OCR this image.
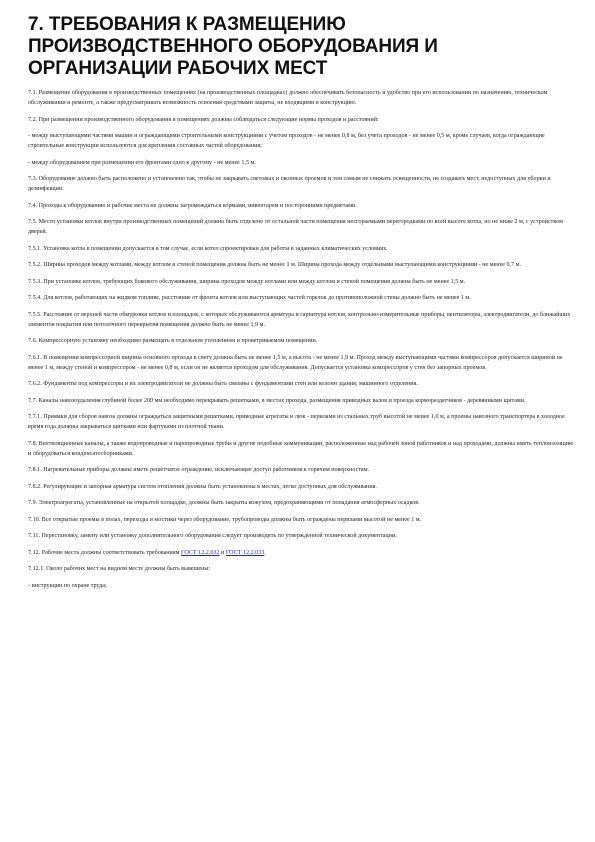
7. ТРЕБОВАНИЯ К РАЗМЕЩЕНИЮ ПРОИЗВОДСТВЕННОГО ОБОРУДОВАНИЯ И ОРГАНИЗАЦИИ РАБОЧИХ МЕСТ

7.1. Размещение оборудования в производственных помещениях (на производственных площадках) должно обеспечивать безопасность и удобство при его использовании по назначению, техническом обслуживании и ремонте, а также предусматривать возможность освоения средствами защиты, не входящими в конструкцию.

7.2. При размещении производственного оборудования в помещениях должны соблюдаться следующие нормы проходов и расстояний:

- между выступающими частями машин и ограждающими строительными конструкциями с учетом проходов - не менее 0,8 м, без учета проходов - не менее 0,5 м, кроме случаев, когда ограждающие строительные конструкции используются для крепления составных частей оборудования;

- между оборудованием при размещении его фронтами одно к другому - не менее 1,5 м.

7.3. Оборудование должно быть расположено и установлено так, чтобы не закрывать световых и оконных проемов и тем самым не снижать освещенности, не создавать мест, недоступных для уборки и дезинфекции.

7.4. Проходы к оборудованию и рабочие места не должны загромождаться кормами, инвентарем и посторонними предметами.

7.5. Место установки котлов внутри производственных помещений должно быть отделено от остальной части помещения несгораемыми перегородками по всей высоте котла, но не ниже 2 м, с устройством дверей.

7.5.1. Установка котла в помещении допускается в том случае, если котел спроектирован для работы в заданных климатических условиях.

7.5.2. Ширина проходов между котлами, между котлом и стеной помещения должна быть не менее 1 м. Ширина прохода между отдельными выступающими конструкциями - не менее 0,7 м.

7.5.3. При установке котлов, требующих бокового обслуживания, ширина проходов между котлами или между котлом и стеной помещения должна быть не менее 1,5 м.

7.5.4. Для котлов, работающих на жидком топливе, расстояние от фронта котлов или выступающих частей горелок до противоположной стены должно быть не менее 1 м.

7.5.5. Расстояние от верхней части обмуровки котлов и площадок, с которых обслуживаются арматура и гарнитура котлов, контрольно-измерительные приборы, вентиляторы, электродвигатели, до ближайших элементов покрытия или потолочного перекрытия помещения должно быть не менее 1,9 м.

7.6. Компрессорную установку необходимо размещать в отдельном утепленном и проветриваемом помещении.

7.6.1. В помещении компрессорной ширина основного прохода в свету должна быть не менее 1,5 м, а высота - не менее 1,9 м. Проход между выступающими частями компрессоров допускается шириной не менее 1 м, между стеной и компрессором - не менее 0,8 м, если он не является проходом для обслуживания. Допускается установка компрессоров у стен без запорных проемов.

7.6.2. Фундаменты под компрессоры и их электродвигатели не должны быть связаны с фундаментами стен или колонн здания, машинного отделения.

7.7. Каналы навозоудаления глубиной более 200 мм необходимо перекрывать решетками, в местах прохода, размещения приводных валов и проезда кормораздатчиков - деревянными щитами.

7.7.1. Приямки для сборов навоза должны ограждаться защитными решетками, приводные агрегаты и люк - перилами из стальных труб высотой не менее 1,0 м, а проемы навозного транспортера в холодное время года должны закрываться щитками или фартуками из плотной ткани.

7.8. Вентиляционные каналы, а также водопроводные и паропроводные трубы и другие подобные коммуникации, расположенные над рабочей зоной работников и над проходами, должны иметь теплоизоляцию и оборудоваться конденсатосборниками.

7.8.1. Нагревательные приборы должны иметь решетчатое ограждение, исключающее доступ работников к горячим поверхностям.

7.8.2. Регулирующие и запорная арматура систем отопления должны быть установлены в местах, легко доступных для обслуживания.

7.9. Электроагрегаты, установленные на открытой площадке, должны быть закрыты кожухом, предохраняющими от попадания атмосферных осадков.

7.10. Все открытые проемы в полах, переходы и мостики через оборудование, трубопроводы должны быть ограждены перилами высотой не менее 1 м.

7.11. Перестановку, замену или установку дополнительного оборудования следует производить по утвержденной технической документации.

7.12. Рабочие места должны соответствовать требованиям ГОСТ 12.2.032 и ГОСТ 12.2.033.

7.12.1. Около рабочих мест на видном месте должны быть вывешены:

- инструкции по охране труда;
